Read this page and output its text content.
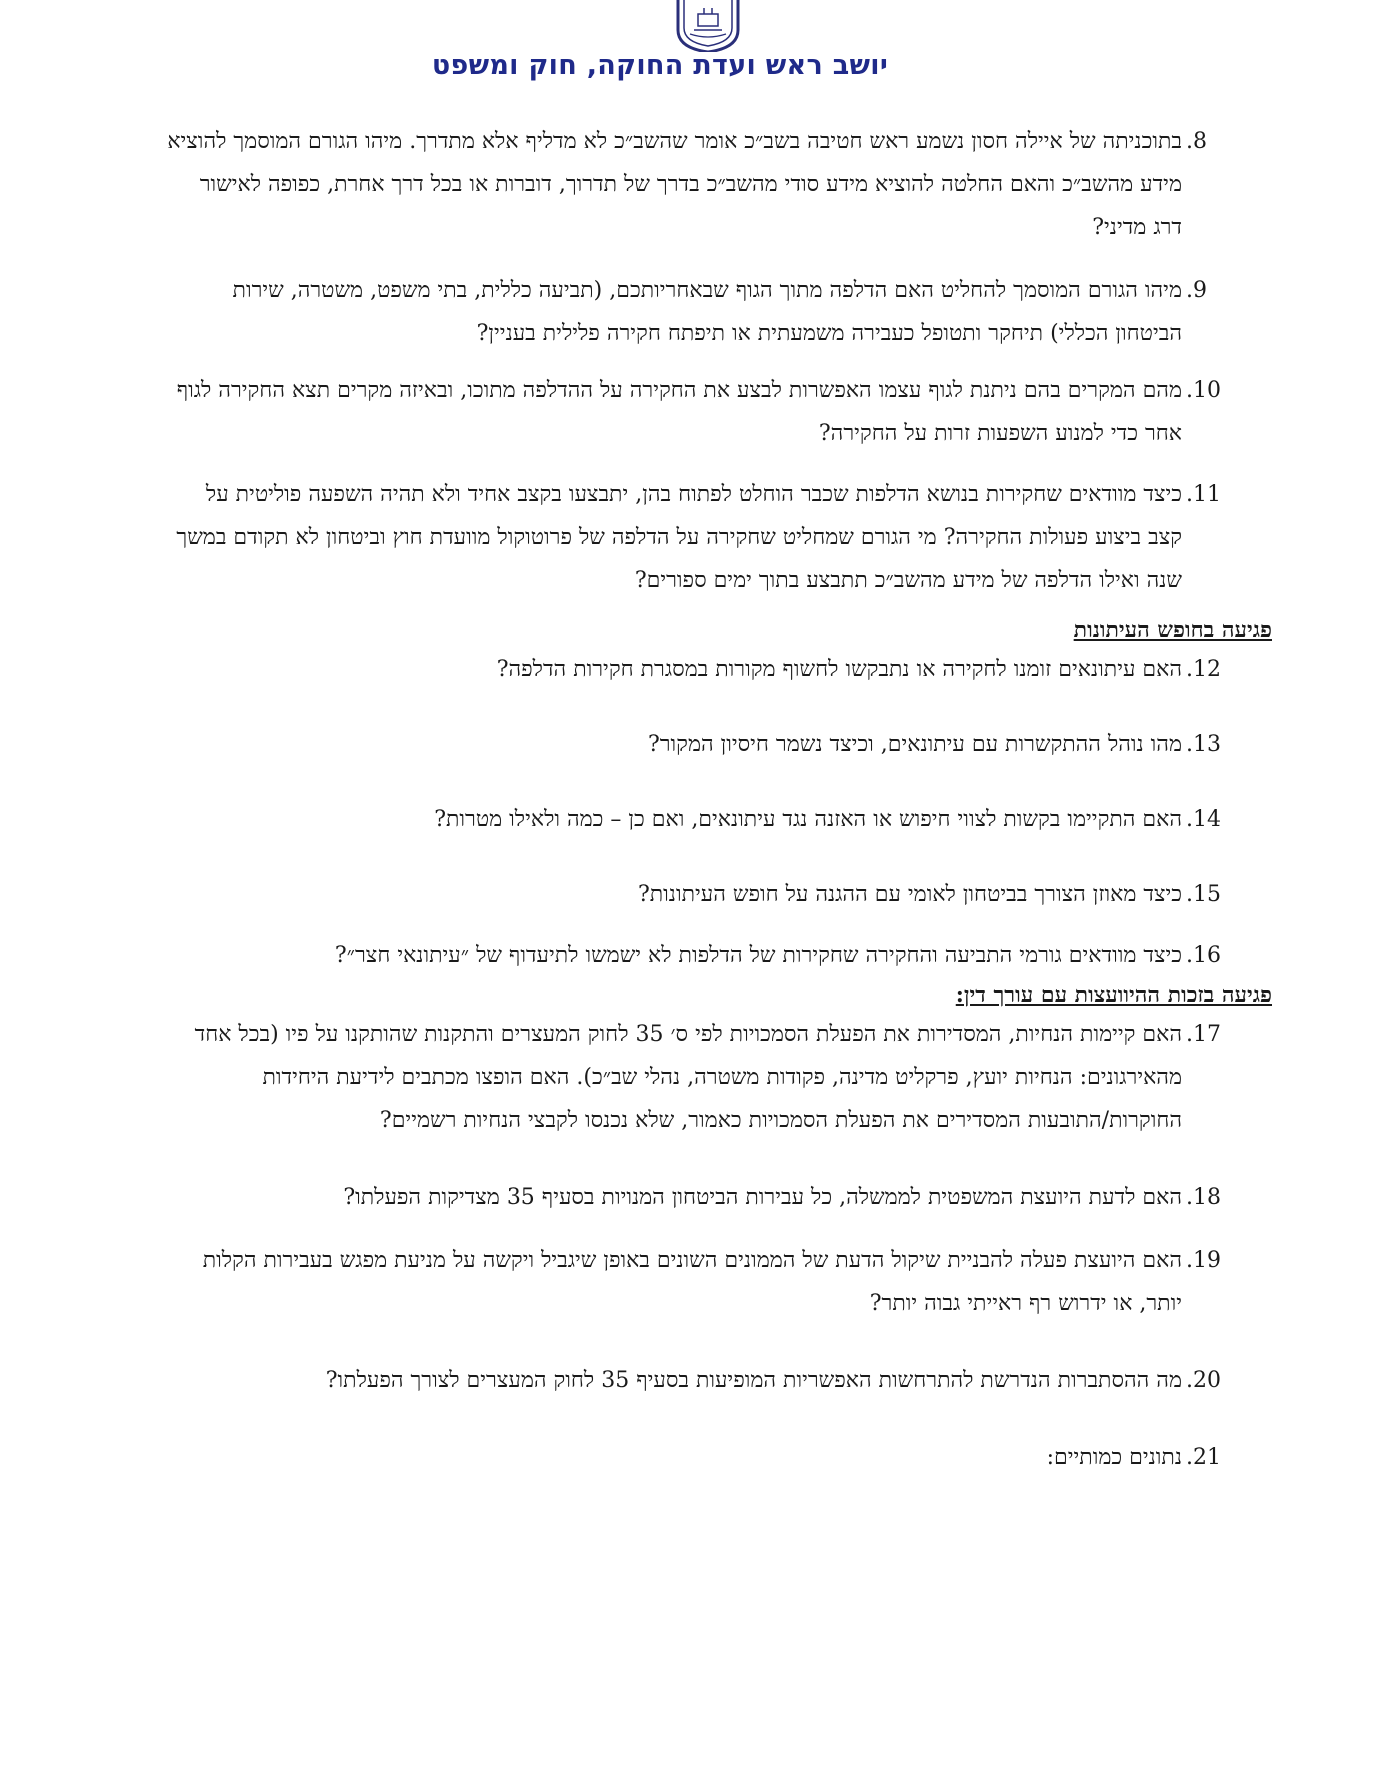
יושב ראש ועדת החוקה, חוק ומשפט
.8
בתוכניתה של איילה חסון נשמע ראש חטיבה בשב״כ אומר שהשב״כ לא מדליף אלא מתדרך. מיהו הגורם המוסמך להוציא מידע מהשב״כ והאם החלטה להוציא מידע סודי מהשב״כ בדרך של תדרוך, דוברות או בכל דרך אחרת, כפופה לאישור דרג מדיני?
.9
מיהו הגורם המוסמך להחליט האם הדלפה מתוך הגוף שבאחריותכם, (תביעה כללית, בתי משפט, משטרה, שירות הביטחון הכללי) תיחקר ותטופל כעבירה משמעתית או תיפתח חקירה פלילית בעניין?
.10
מהם המקרים בהם ניתנת לגוף עצמו האפשרות לבצע את החקירה על ההדלפה מתוכו, ובאיזה מקרים תצא החקירה לגוף אחר כדי למנוע השפעות זרות על החקירה?
.11
כיצד מוודאים שחקירות בנושא הדלפות שכבר הוחלט לפתוח בהן, יתבצעו בקצב אחיד ולא תהיה השפעה פוליטית על קצב ביצוע פעולות החקירה? מי הגורם שמחליט שחקירה על הדלפה של פרוטוקול מוועדת חוץ וביטחון לא תקודם במשך שנה ואילו הדלפה של מידע מהשב״כ תתבצע בתוך ימים ספורים?
פגיעה בחופש העיתונות
.12
האם עיתונאים זומנו לחקירה או נתבקשו לחשוף מקורות במסגרת חקירות הדלפה?
.13
מהו נוהל ההתקשרות עם עיתונאים, וכיצד נשמר חיסיון המקור?
.14
האם התקיימו בקשות לצווי חיפוש או האזנה נגד עיתונאים, ואם כן – כמה ולאילו מטרות?
.15
כיצד מאוזן הצורך בביטחון לאומי עם ההגנה על חופש העיתונות?
.16
כיצד מוודאים גורמי התביעה והחקירה שחקירות של הדלפות לא ישמשו לתיעדוף של ״עיתונאי חצר״?
פגיעה בזכות ההיוועצות עם עורך דין:
.17
האם קיימות הנחיות, המסדירות את הפעלת הסמכויות לפי ס׳ 35 לחוק המעצרים והתקנות שהותקנו על פיו (בכל אחד מהאירגונים: הנחיות יועץ, פרקליט מדינה, פקודות משטרה, נהלי שב״כ). האם הופצו מכתבים לידיעת היחידות החוקרות/התובעות המסדירים את הפעלת הסמכויות כאמור, שלא נכנסו לקבצי הנחיות רשמיים?
.18
האם לדעת היועצת המשפטית לממשלה, כל עבירות הביטחון המנויות בסעיף 35 מצדיקות הפעלתו?
.19
האם היועצת פעלה להבניית שיקול הדעת של הממונים השונים באופן שיגביל ויקשה על מניעת מפגש בעבירות הקלות יותר, או ידרוש רף ראייתי גבוה יותר?
.20
מה ההסתברות הנדרשת להתרחשות האפשריות המופיעות בסעיף 35 לחוק המעצרים לצורך הפעלתו?
.21
נתונים כמותיים:
